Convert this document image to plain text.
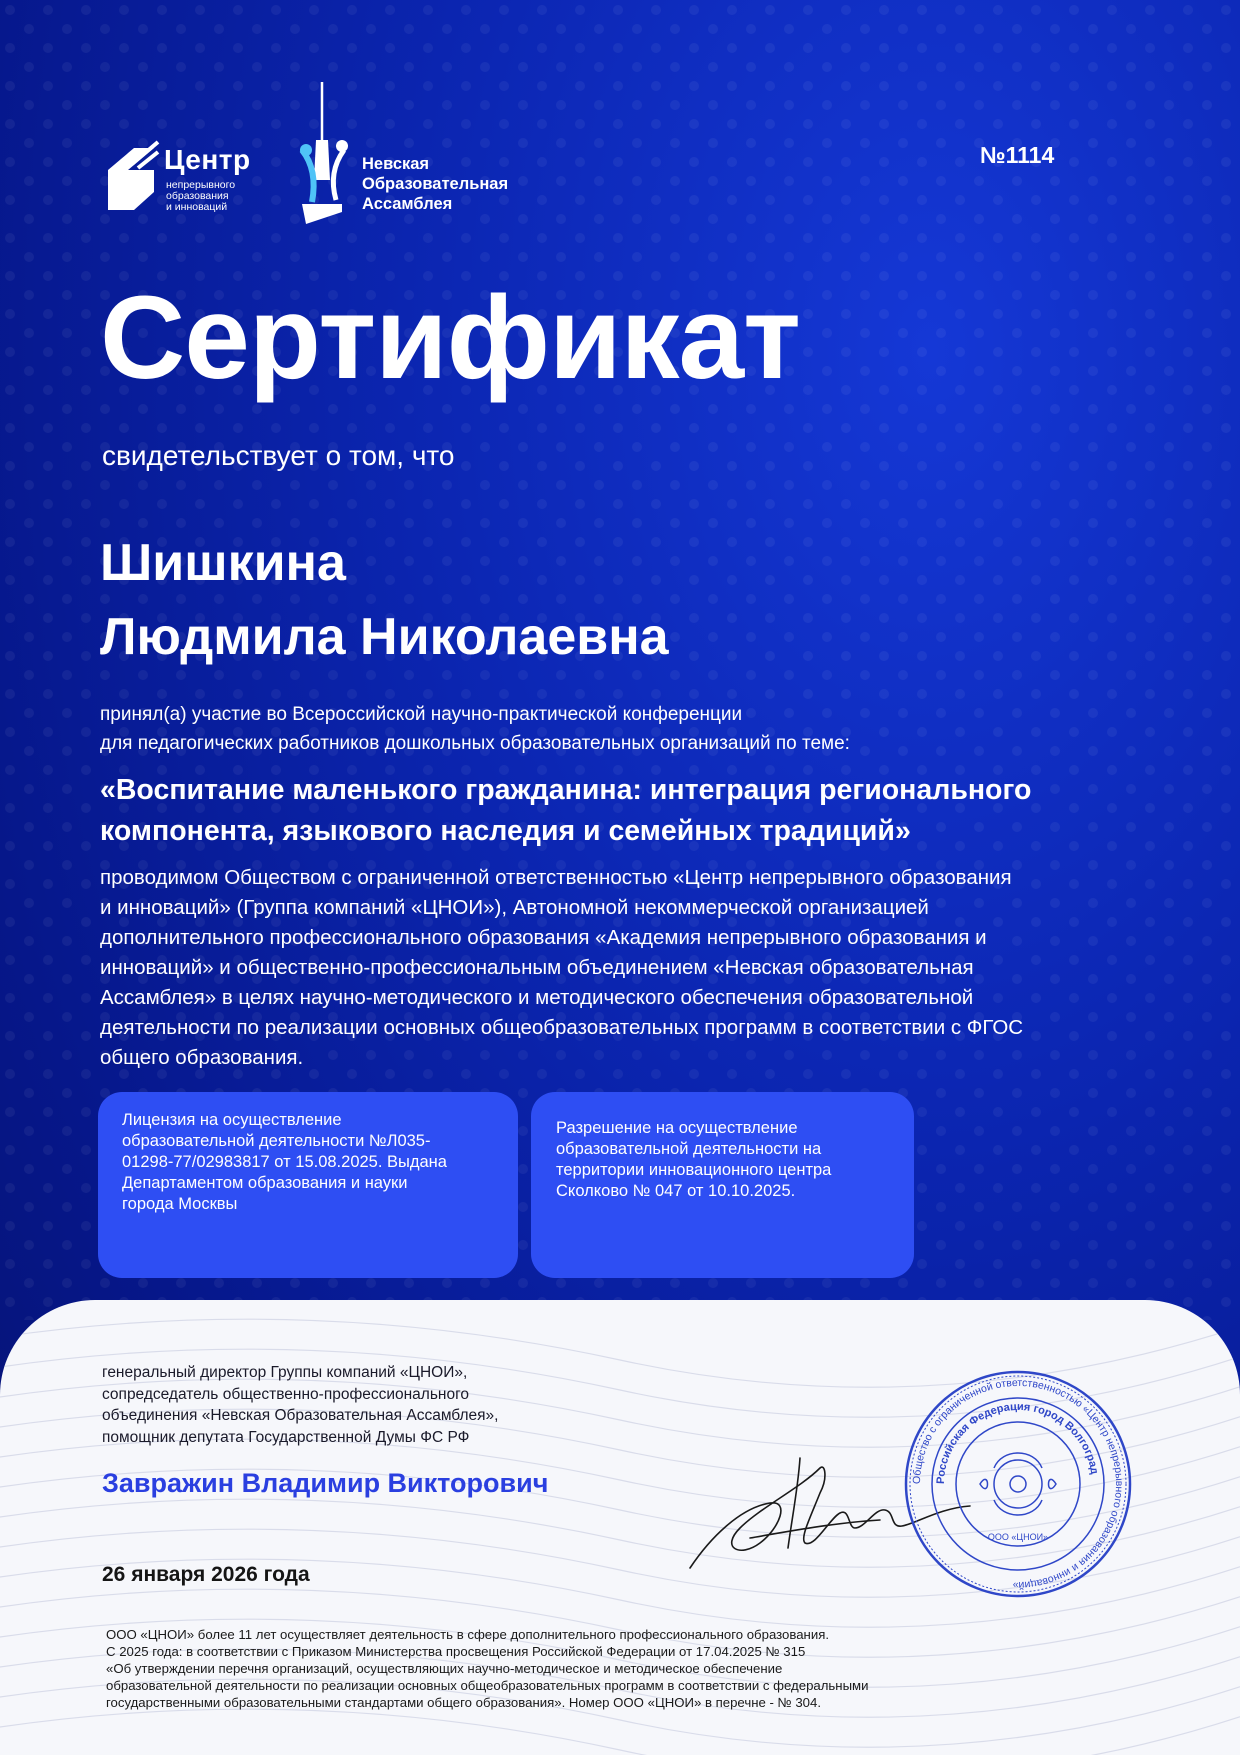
Центр
непрерывного
образования
и инноваций
Невская
Образовательная
Ассамблея
№1114
Сертификат
свидетельствует о том, что
Шишкина
Людмила Николаевна
принял(а) участие во Всероссийской научно-практической конференции
для педагогических работников дошкольных образовательных организаций по теме:
«Воспитание маленького гражданина: интеграция регионального
компонента, языкового наследия и семейных традиций»
проводимом Обществом с ограниченной ответственностью «Центр непрерывного образования
и инноваций» (Группа компаний «ЦНОИ»), Автономной некоммерческой организацией
дополнительного профессионального образования «Академия непрерывного образования и
инноваций» и общественно-профессиональным объединением «Невская образовательная
Ассамблея» в целях научно-методического и методического обеспечения образовательной
деятельности по реализации основных общеобразовательных программ в соответствии с ФГОС
общего образования.
Лицензия на осуществление
образовательной деятельности №Л035-
01298-77/02983817 от 15.08.2025. Выдана
Департаментом образования и науки
города Москвы
Разрешение на осуществление
образовательной деятельности на
территории инновационного центра
Сколково № 047 от 10.10.2025.
генеральный директор Группы компаний «ЦНОИ»,
сопредседатель общественно-профессионального
объединения «Невская Образовательная Ассамблея»,
помощник депутата Государственной Думы ФС РФ
Завражин Владимир Викторович
26 января 2026 года
Общество с ограниченной ответственностью «Центр непрерывного образования и инноваций»
Российская Федерация город Волгоград
ООО «ЦНОИ»
ООО «ЦНОИ» более 11 лет осуществляет деятельность в сфере дополнительного профессионального образования.
С 2025 года: в соответствии с Приказом Министерства просвещения Российской Федерации от 17.04.2025 № 315
«Об утверждении перечня организаций, осуществляющих научно-методическое и методическое обеспечение
образовательной деятельности по реализации основных общеобразовательных программ в соответствии с федеральными
государственными образовательными стандартами общего образования». Номер ООО «ЦНОИ» в перечне - № 304.
